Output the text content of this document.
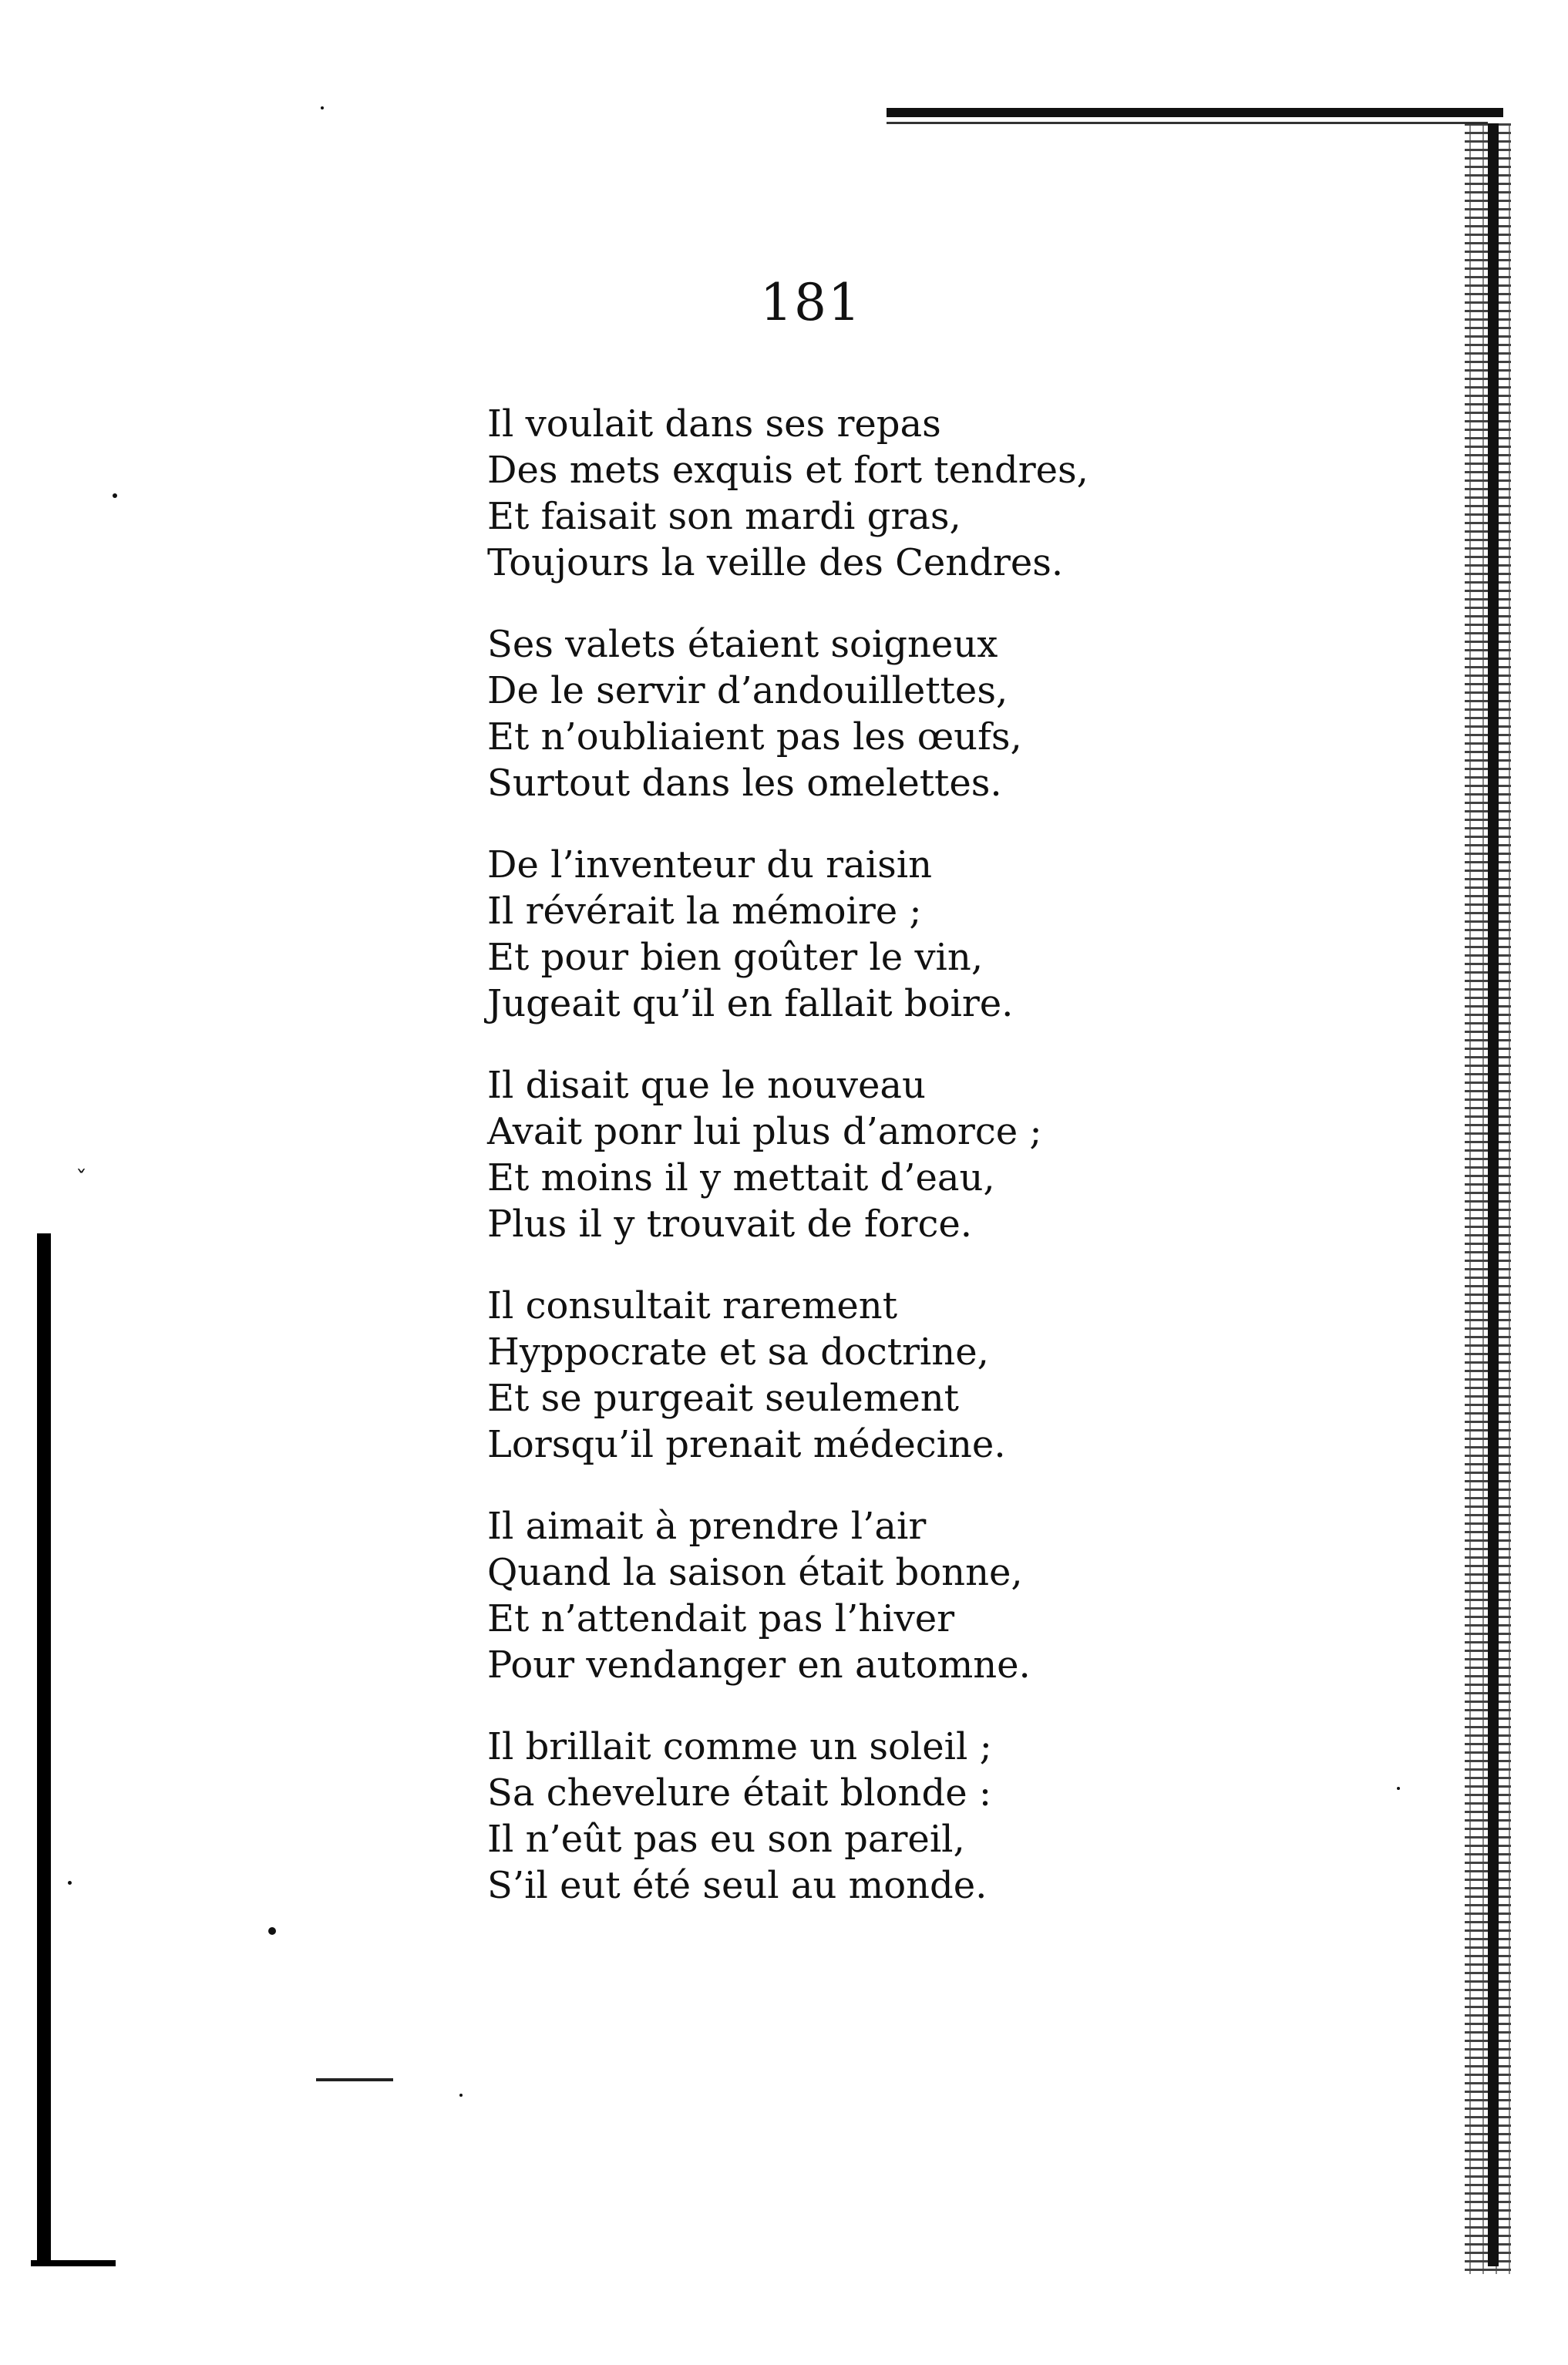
ˇ
181
Il voulait dans ses repas
Des mets exquis et fort tendres,
Et faisait son mardi gras,
Toujours la veille des Cendres.
Ses valets étaient soigneux
De le servir d’andouillettes,
Et n’oubliaient pas les œufs,
Surtout dans les omelettes.
De l’inventeur du raisin
Il révérait la mémoire ;
Et pour bien goûter le vin,
Jugeait qu’il en fallait boire.
Il disait que le nouveau
Avait ponr lui plus d’amorce ;
Et moins il y mettait d’eau,
Plus il y trouvait de force.
Il consultait rarement
Hyppocrate et sa doctrine,
Et se purgeait seulement
Lorsqu’il prenait médecine.
Il aimait à prendre l’air
Quand la saison était bonne,
Et n’attendait pas l’hiver
Pour vendanger en automne.
Il brillait comme un soleil ;
Sa chevelure était blonde :
Il n’eût pas eu son pareil,
S’il eut été seul au monde.
